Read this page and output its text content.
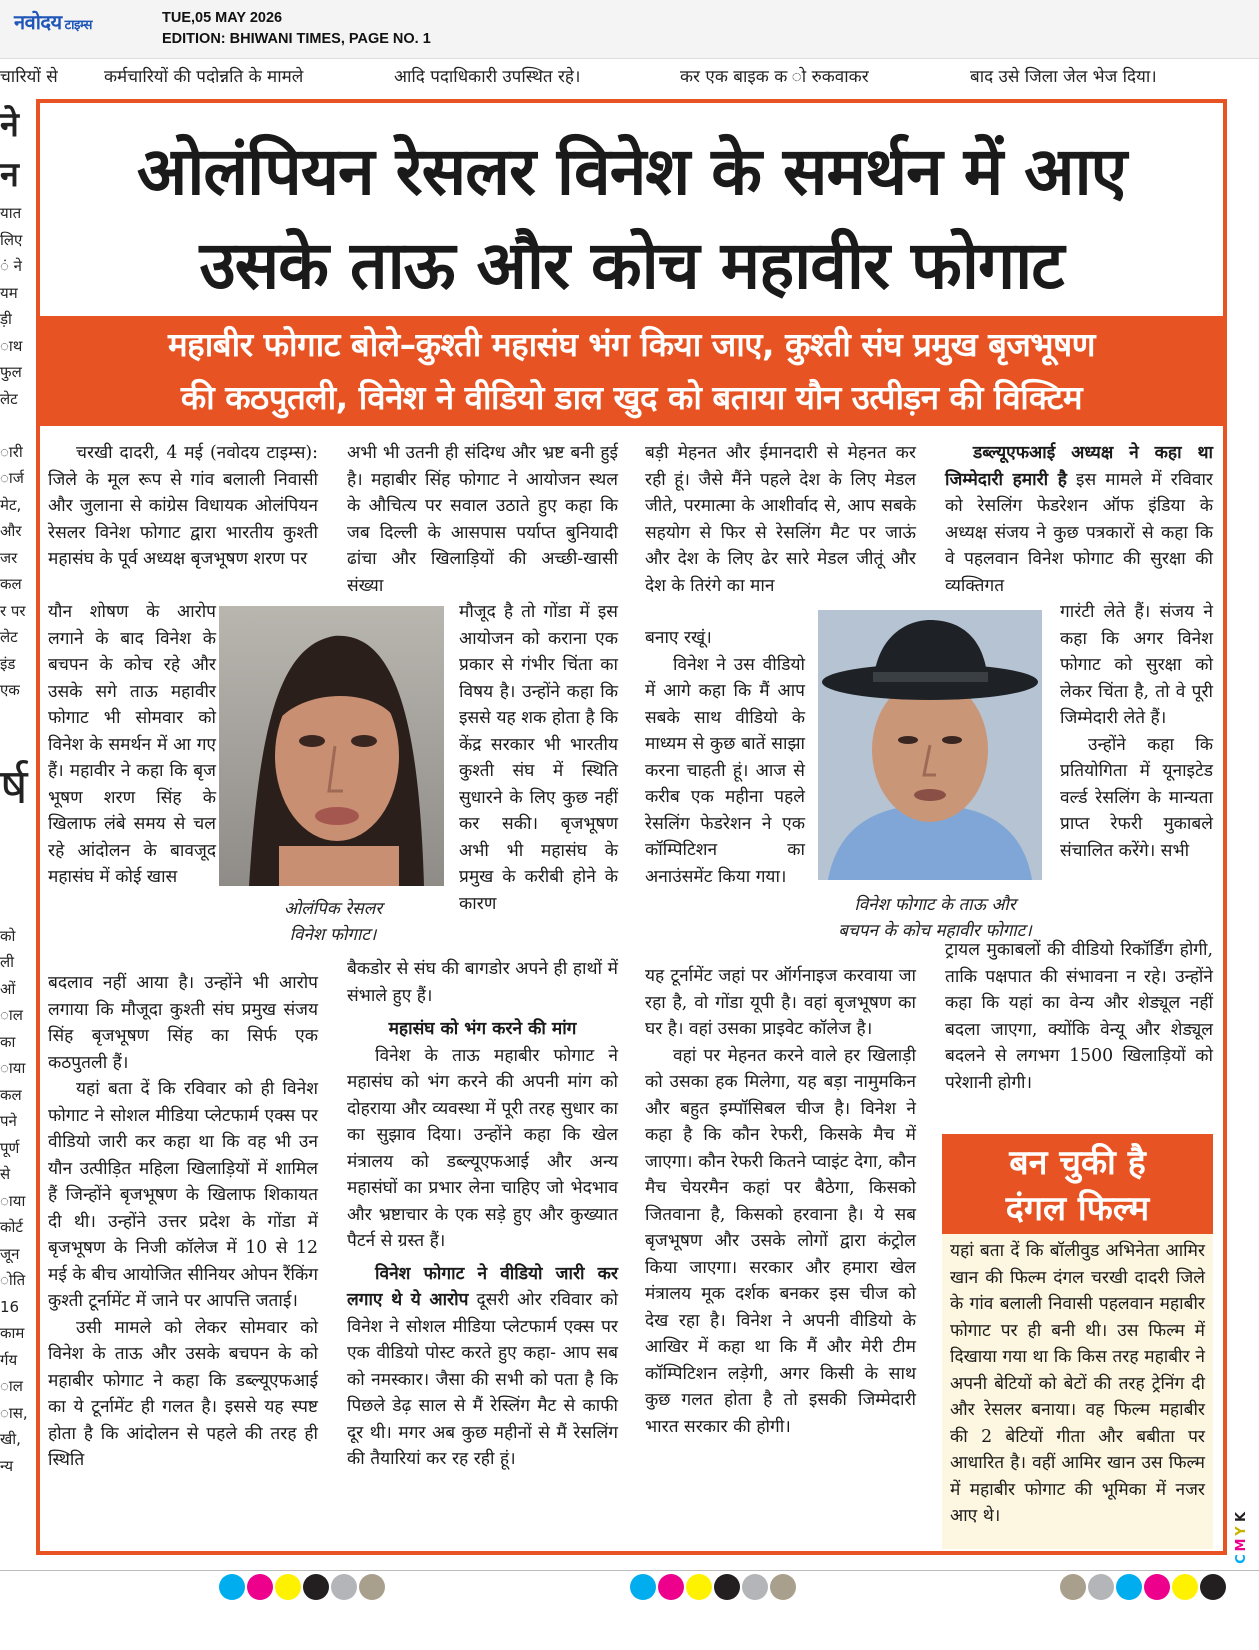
नवोदय टाइम्स	TUE,05 MAY 2026
EDITION: BHIWANI TIMES, PAGE NO. 1
चारियों से	कर्मचारियों की पदोन्नति के मामले	आदि पदाधिकारी उपस्थित रहे।	कर एक बाइक क ो रुकवाकर	बाद उसे जिला जेल भेज दिया।
ने
न
यात
लिए
ं ने
यम
ड़ी
ाथ
फुल
लेट

ारी
ार्ज
मेट,
और
जर
कल
र पर
लेट
इंड
एक

र्ष

को
ली
ओं
ाल
का
ाया
कल
पने
पूर्ण
से
ाया
कोर्ट
जून
ोति
16
काम
र्गय
ाल
ास,
खी,
न्य
ओलंपियन रेसलर विनेश के समर्थन में आए
उसके ताऊ और कोच महावीर फोगाट
महाबीर फोगाट बोले–कुश्ती महासंघ भंग किया जाए, कुश्ती संघ प्रमुख बृजभूषण
की कठपुतली, विनेश ने वीडियो डाल खुद को बताया यौन उत्पीड़न की विक्टिम

चरखी दादरी, 4 मई (नवोदय टाइम्स): जिले के मूल रूप से गांव बलाली निवासी और जुलाना से कांग्रेस विधायक ओलंपियन रेसलर विनेश फोगाट द्वारा भारतीय कुश्ती महासंघ के पूर्व अध्यक्ष बृजभूषण शरण पर

यौन शोषण के आरोप लगाने के बाद विनेश के बचपन के कोच रहे और उसके सगे ताऊ महावीर फोगाट भी सोमवार को विनेश के समर्थन में आ गए हैं। महावीर ने कहा कि बृज भूषण शरण सिंह के खिलाफ लंबे समय से चल रहे आंदोलन के बावजूद महासंघ में कोई खास

बदलाव नहीं आया है। उन्होंने भी आरोप लगाया कि मौजूदा कुश्ती संघ प्रमुख संजय सिंह बृजभूषण सिंह का सिर्फ एक कठपुतली हैं।

यहां बता दें कि रविवार को ही विनेश फोगाट ने सोशल मीडिया प्लेटफार्म एक्स पर वीडियो जारी कर कहा था कि वह भी उन यौन उत्पीड़ित महिला खिलाड़ियों में शामिल हैं जिन्होंने बृजभूषण के खिलाफ शिकायत दी थी। उन्होंने उत्तर प्रदेश के गोंडा में बृजभूषण के निजी कॉलेज में 10 से 12 मई के बीच आयोजित सीनियर ओपन रैंकिंग कुश्ती टूर्नामेंट में जाने पर आपत्ति जताई।

उसी मामले को लेकर सोमवार को विनेश के ताऊ और उसके बचपन के को महाबीर फोगाट ने कहा कि डब्ल्यूएफआई का ये टूर्नामेंट ही गलत है। इससे यह स्पष्ट होता है कि आंदोलन से पहले की तरह ही स्थिति

ओलंपिक रेसलर
विनेश फोगाट।

अभी भी उतनी ही संदिग्ध और भ्रष्ट बनी हुई है। महाबीर सिंह फोगाट ने आयोजन स्थल के औचित्य पर सवाल उठाते हुए कहा कि जब दिल्ली के आसपास पर्याप्त बुनियादी ढांचा और खिलाड़ियों की अच्छी-खासी संख्या

मौजूद है तो गोंडा में इस आयोजन को कराना एक प्रकार से गंभीर चिंता का विषय है। उन्होंने कहा कि इससे यह शक होता है कि केंद्र सरकार भी भारतीय कुश्ती संघ में स्थिति सुधारने के लिए कुछ नहीं कर सकी। बृजभूषण अभी भी महासंघ के प्रमुख के करीबी होने के कारण

बैकडोर से संघ की बागडोर अपने ही हाथों में संभाले हुए हैं।

महासंघ को भंग करने की मांग

विनेश के ताऊ महाबीर फोगाट ने महासंघ को भंग करने की अपनी मांग को दोहराया और व्यवस्था में पूरी तरह सुधार का का सुझाव दिया। उन्होंने कहा कि खेल मंत्रालय को डब्ल्यूएफआई और अन्य महासंघों का प्रभार लेना चाहिए जो भेदभाव और भ्रष्टाचार के एक सड़े हुए और कुख्यात पैटर्न से ग्रस्त हैं।

विनेश फोगाट ने वीडियो जारी कर लगाए थे ये आरोप दूसरी ओर रविवार को विनेश ने सोशल मीडिया प्लेटफार्म एक्स पर एक वीडियो पोस्ट करते हुए कहा- आप सब को नमस्कार। जैसा की सभी को पता है कि पिछले डेढ़ साल से मैं रेस्लिंग मैट से काफी दूर थी। मगर अब कुछ महीनों से मैं रेसलिंग की तैयारियां कर रह रही हूं।

बड़ी मेहनत और ईमानदारी से मेहनत कर रही हूं। जैसे मैंने पहले देश के लिए मेडल जीते, परमात्मा के आशीर्वाद से, आप सबके सहयोग से फिर से रेसलिंग मैट पर जाऊं और देश के लिए ढेर सारे मेडल जीतूं और देश के तिरंगे का मान

बनाए रखूं।

विनेश ने उस वीडियो में आगे कहा कि मैं आप सबके साथ वीडियो के माध्यम से कुछ बातें साझा करना चाहती हूं। आज से करीब एक महीना पहले रेसलिंग फेडरेशन ने एक कॉम्पिटिशन का अनाउंसमेंट किया गया।

यह टूर्नामेंट जहां पर ऑर्गनाइज करवाया जा रहा है, वो गोंडा यूपी है। वहां बृजभूषण का घर है। वहां उसका प्राइवेट कॉलेज है।

वहां पर मेहनत करने वाले हर खिलाड़ी को उसका हक मिलेगा, यह बड़ा नामुमकिन और बहुत इम्पॉसिबल चीज है। विनेश ने कहा है कि कौन रेफरी, किसके मैच में जाएगा। कौन रेफरी कितने प्वाइंट देगा, कौन मैच चेयरमैन कहां पर बैठेगा, किसको जितवाना है, किसको हरवाना है। ये सब बृजभूषण और उसके लोगों द्वारा कंट्रोल किया जाएगा। सरकार और हमारा खेल मंत्रालय मूक दर्शक बनकर इस चीज को देख रहा है। विनेश ने अपनी वीडियो के आखिर में कहा था कि मैं और मेरी टीम कॉम्पिटिशन लड़ेगी, अगर किसी के साथ कुछ गलत होता है तो इसकी जिम्मेदारी भारत सरकार की होगी।

विनेश फोगाट के ताऊ और
बचपन के कोच महावीर फोगाट।

डब्ल्यूएफआई अध्यक्ष ने कहा था जिम्मेदारी हमारी है इस मामले में रविवार को रेसलिंग फेडरेशन ऑफ इंडिया के अध्यक्ष संजय ने कुछ पत्रकारों से कहा कि वे पहलवान विनेश फोगाट की सुरक्षा की व्यक्तिगत

गारंटी लेते हैं। संजय ने कहा कि अगर विनेश फोगाट को सुरक्षा को लेकर चिंता है, तो वे पूरी जिम्मेदारी लेते हैं।

उन्होंने कहा कि प्रतियोगिता में यूनाइटेड वर्ल्ड रेसलिंग के मान्यता प्राप्त रेफरी मुकाबले संचालित करेंगे। सभी

ट्रायल मुकाबलों की वीडियो रिकॉर्डिंग होगी, ताकि पक्षपात की संभावना न रहे। उन्होंने कहा कि यहां का वेन्य और शेड्यूल नहीं बदला जाएगा, क्योंकि वेन्यू और शेड्यूल बदलने से लगभग 1500 खिलाड़ियों को परेशानी होगी।

बन चुकी है
दंगल फिल्म
यहां बता दें कि बॉलीवुड अभिनेता आमिर खान की फिल्म दंगल चरखी दादरी जिले के गांव बलाली निवासी पहलवान महाबीर फोगाट पर ही बनी थी। उस फिल्म में दिखाया गया था कि किस तरह महाबीर ने अपनी बेटियों को बेटों की तरह ट्रेनिंग दी और रेसलर बनाया। वह फिल्म महाबीर की 2 बेटियों गीता और बबीता पर आधारित है। वहीं आमिर खान उस फिल्म में महाबीर फोगाट की भूमिका में नजर आए थे।	K
Y
M
C
